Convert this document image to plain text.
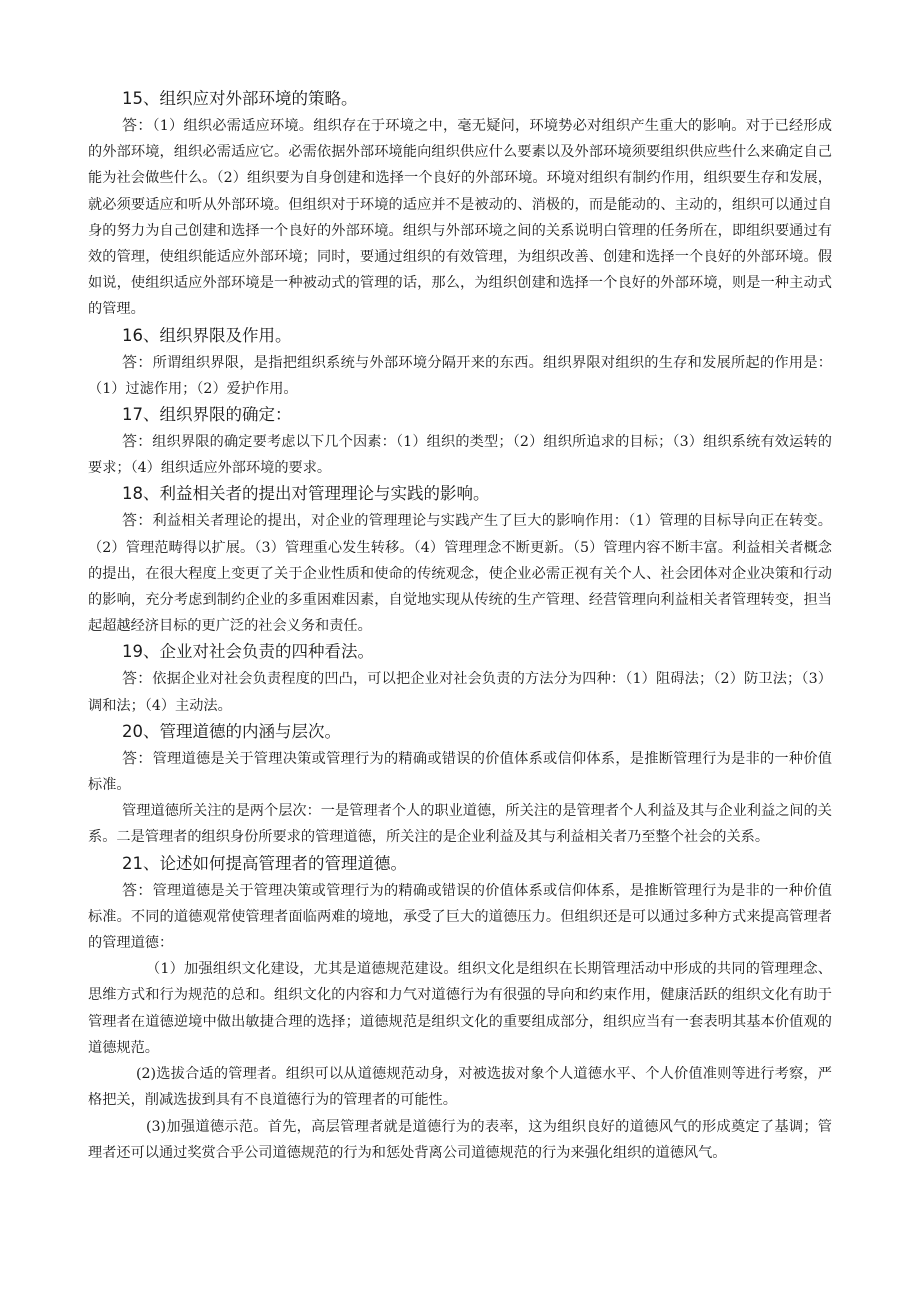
15、组织应对外部环境的策略。

答：（1）组织必需适应环境。组织存在于环境之中，毫无疑问，环境势必对组织产生重大的影响。对于已经形成的外部环境，组织必需适应它。必需依据外部环境能向组织供应什么要素以及外部环境须要组织供应些什么来确定自己能为社会做些什么。（2）组织要为自身创建和选择一个良好的外部环境。环境对组织有制约作用，组织要生存和发展，就必须要适应和听从外部环境。但组织对于环境的适应并不是被动的、消极的，而是能动的、主动的，组织可以通过自身的努力为自己创建和选择一个良好的外部环境。组织与外部环境之间的关系说明白管理的任务所在，即组织要通过有效的管理，使组织能适应外部环境；同时，要通过组织的有效管理，为组织改善、创建和选择一个良好的外部环境。假如说，使组织适应外部环境是一种被动式的管理的话，那么，为组织创建和选择一个良好的外部环境，则是一种主动式的管理。

16、组织界限及作用。

答：所谓组织界限，是指把组织系统与外部环境分隔开来的东西。组织界限对组织的生存和发展所起的作用是：（1）过滤作用；（2）爱护作用。

17、组织界限的确定：

答：组织界限的确定要考虑以下几个因素：（1）组织的类型；（2）组织所追求的目标；（3）组织系统有效运转的要求；（4）组织适应外部环境的要求。

18、利益相关者的提出对管理理论与实践的影响。

答：利益相关者理论的提出，对企业的管理理论与实践产生了巨大的影响作用：（1）管理的目标导向正在转变。（2）管理范畴得以扩展。（3）管理重心发生转移。（4）管理理念不断更新。（5）管理内容不断丰富。利益相关者概念的提出，在很大程度上变更了关于企业性质和使命的传统观念，使企业必需正视有关个人、社会团体对企业决策和行动的影响，充分考虑到制约企业的多重困难因素，自觉地实现从传统的生产管理、经营管理向利益相关者管理转变，担当起超越经济目标的更广泛的社会义务和责任。

19、企业对社会负责的四种看法。

答：依据企业对社会负责程度的凹凸，可以把企业对社会负责的方法分为四种：（1）阻碍法；（2）防卫法；（3）调和法；（4）主动法。

20、管理道德的内涵与层次。

答：管理道德是关于管理决策或管理行为的精确或错误的价值体系或信仰体系，是推断管理行为是非的一种价值标准。

管理道德所关注的是两个层次：一是管理者个人的职业道德，所关注的是管理者个人利益及其与企业利益之间的关系。二是管理者的组织身份所要求的管理道德，所关注的是企业利益及其与利益相关者乃至整个社会的关系。

21、论述如何提高管理者的管理道德。

答：管理道德是关于管理决策或管理行为的精确或错误的价值体系或信仰体系，是推断管理行为是非的一种价值标准。不同的道德观常使管理者面临两难的境地，承受了巨大的道德压力。但组织还是可以通过多种方式来提高管理者的管理道德：

（1）加强组织文化建设，尤其是道德规范建设。组织文化是组织在长期管理活动中形成的共同的管理理念、思维方式和行为规范的总和。组织文化的内容和力气对道德行为有很强的导向和约束作用，健康活跃的组织文化有助于管理者在道德逆境中做出敏捷合理的选择；道德规范是组织文化的重要组成部分，组织应当有一套表明其基本价值观的道德规范。

(2)选拔合适的管理者。组织可以从道德规范动身，对被选拔对象个人道德水平、个人价值准则等进行考察，严格把关，削减选拔到具有不良道德行为的管理者的可能性。

(3)加强道德示范。首先，高层管理者就是道德行为的表率，这为组织良好的道德风气的形成奠定了基调；管理者还可以通过奖赏合乎公司道德规范的行为和惩处背离公司道德规范的行为来强化组织的道德风气。
